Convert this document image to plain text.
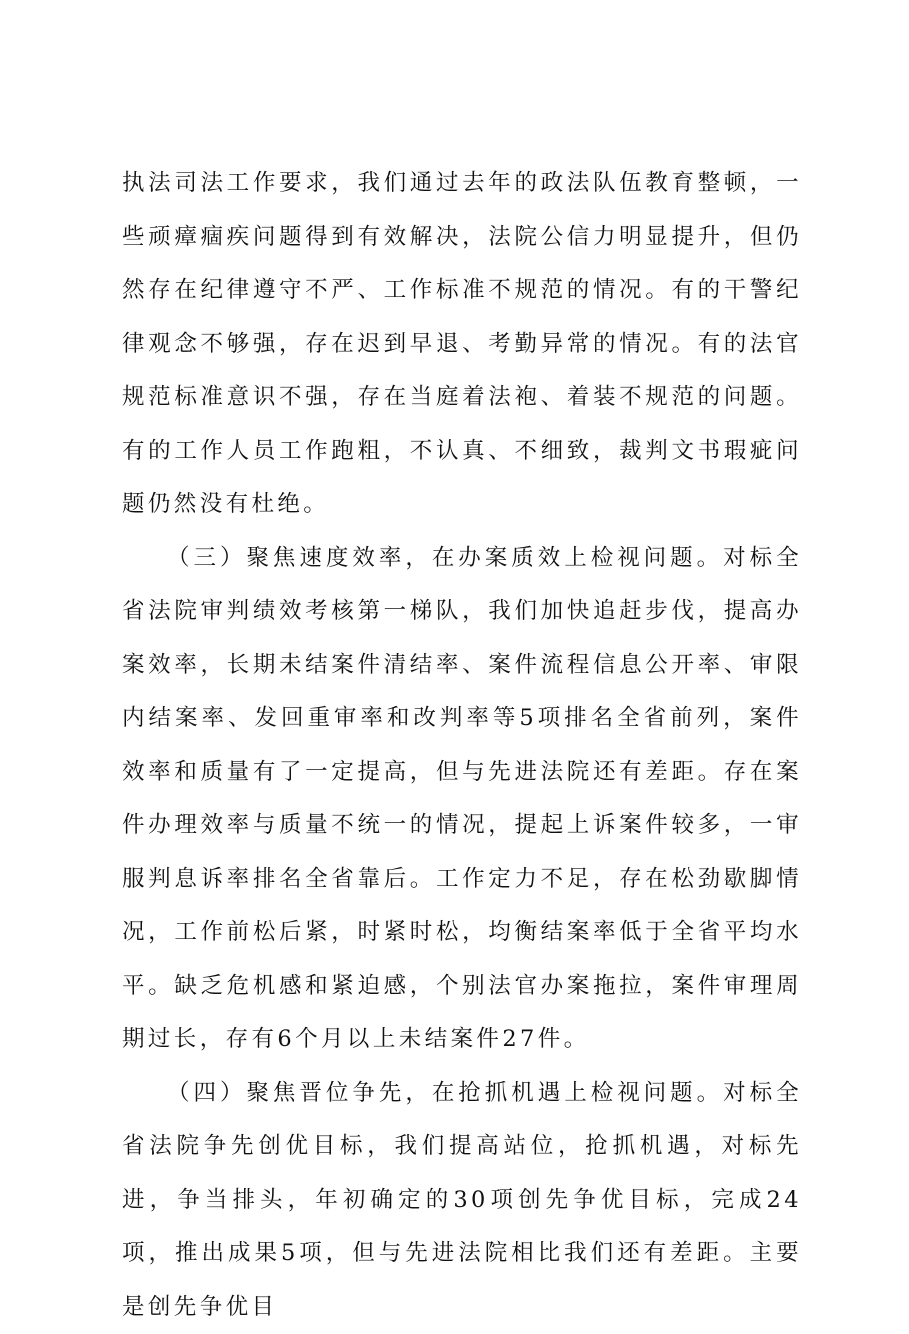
执法司法工作要求，我们通过去年的政法队伍教育整顿，一些顽瘴痼疾问题得到有效解决，法院公信力明显提升，但仍然存在纪律遵守不严、工作标准不规范的情况。有的干警纪律观念不够强，存在迟到早退、考勤异常的情况。有的法官规范标准意识不强，存在当庭着法袍、着装不规范的问题。有的工作人员工作跑粗，不认真、不细致，裁判文书瑕疵问题仍然没有杜绝。

（三）聚焦速度效率，在办案质效上检视问题。对标全省法院审判绩效考核第一梯队，我们加快追赶步伐，提高办案效率，长期未结案件清结率、案件流程信息公开率、审限内结案率、发回重审率和改判率等5项排名全省前列，案件效率和质量有了一定提高，但与先进法院还有差距。存在案件办理效率与质量不统一的情况，提起上诉案件较多，一审服判息诉率排名全省靠后。工作定力不足，存在松劲歇脚情况，工作前松后紧，时紧时松，均衡结案率低于全省平均水平。缺乏危机感和紧迫感，个别法官办案拖拉，案件审理周期过长，存有6个月以上未结案件27件。

（四）聚焦晋位争先，在抢抓机遇上检视问题。对标全省法院争先创优目标，我们提高站位，抢抓机遇，对标先进，争当排头，年初确定的30项创先争优目标，完成24项，推出成果5项，但与先进法院相比我们还有差距。主要是创先争优目
